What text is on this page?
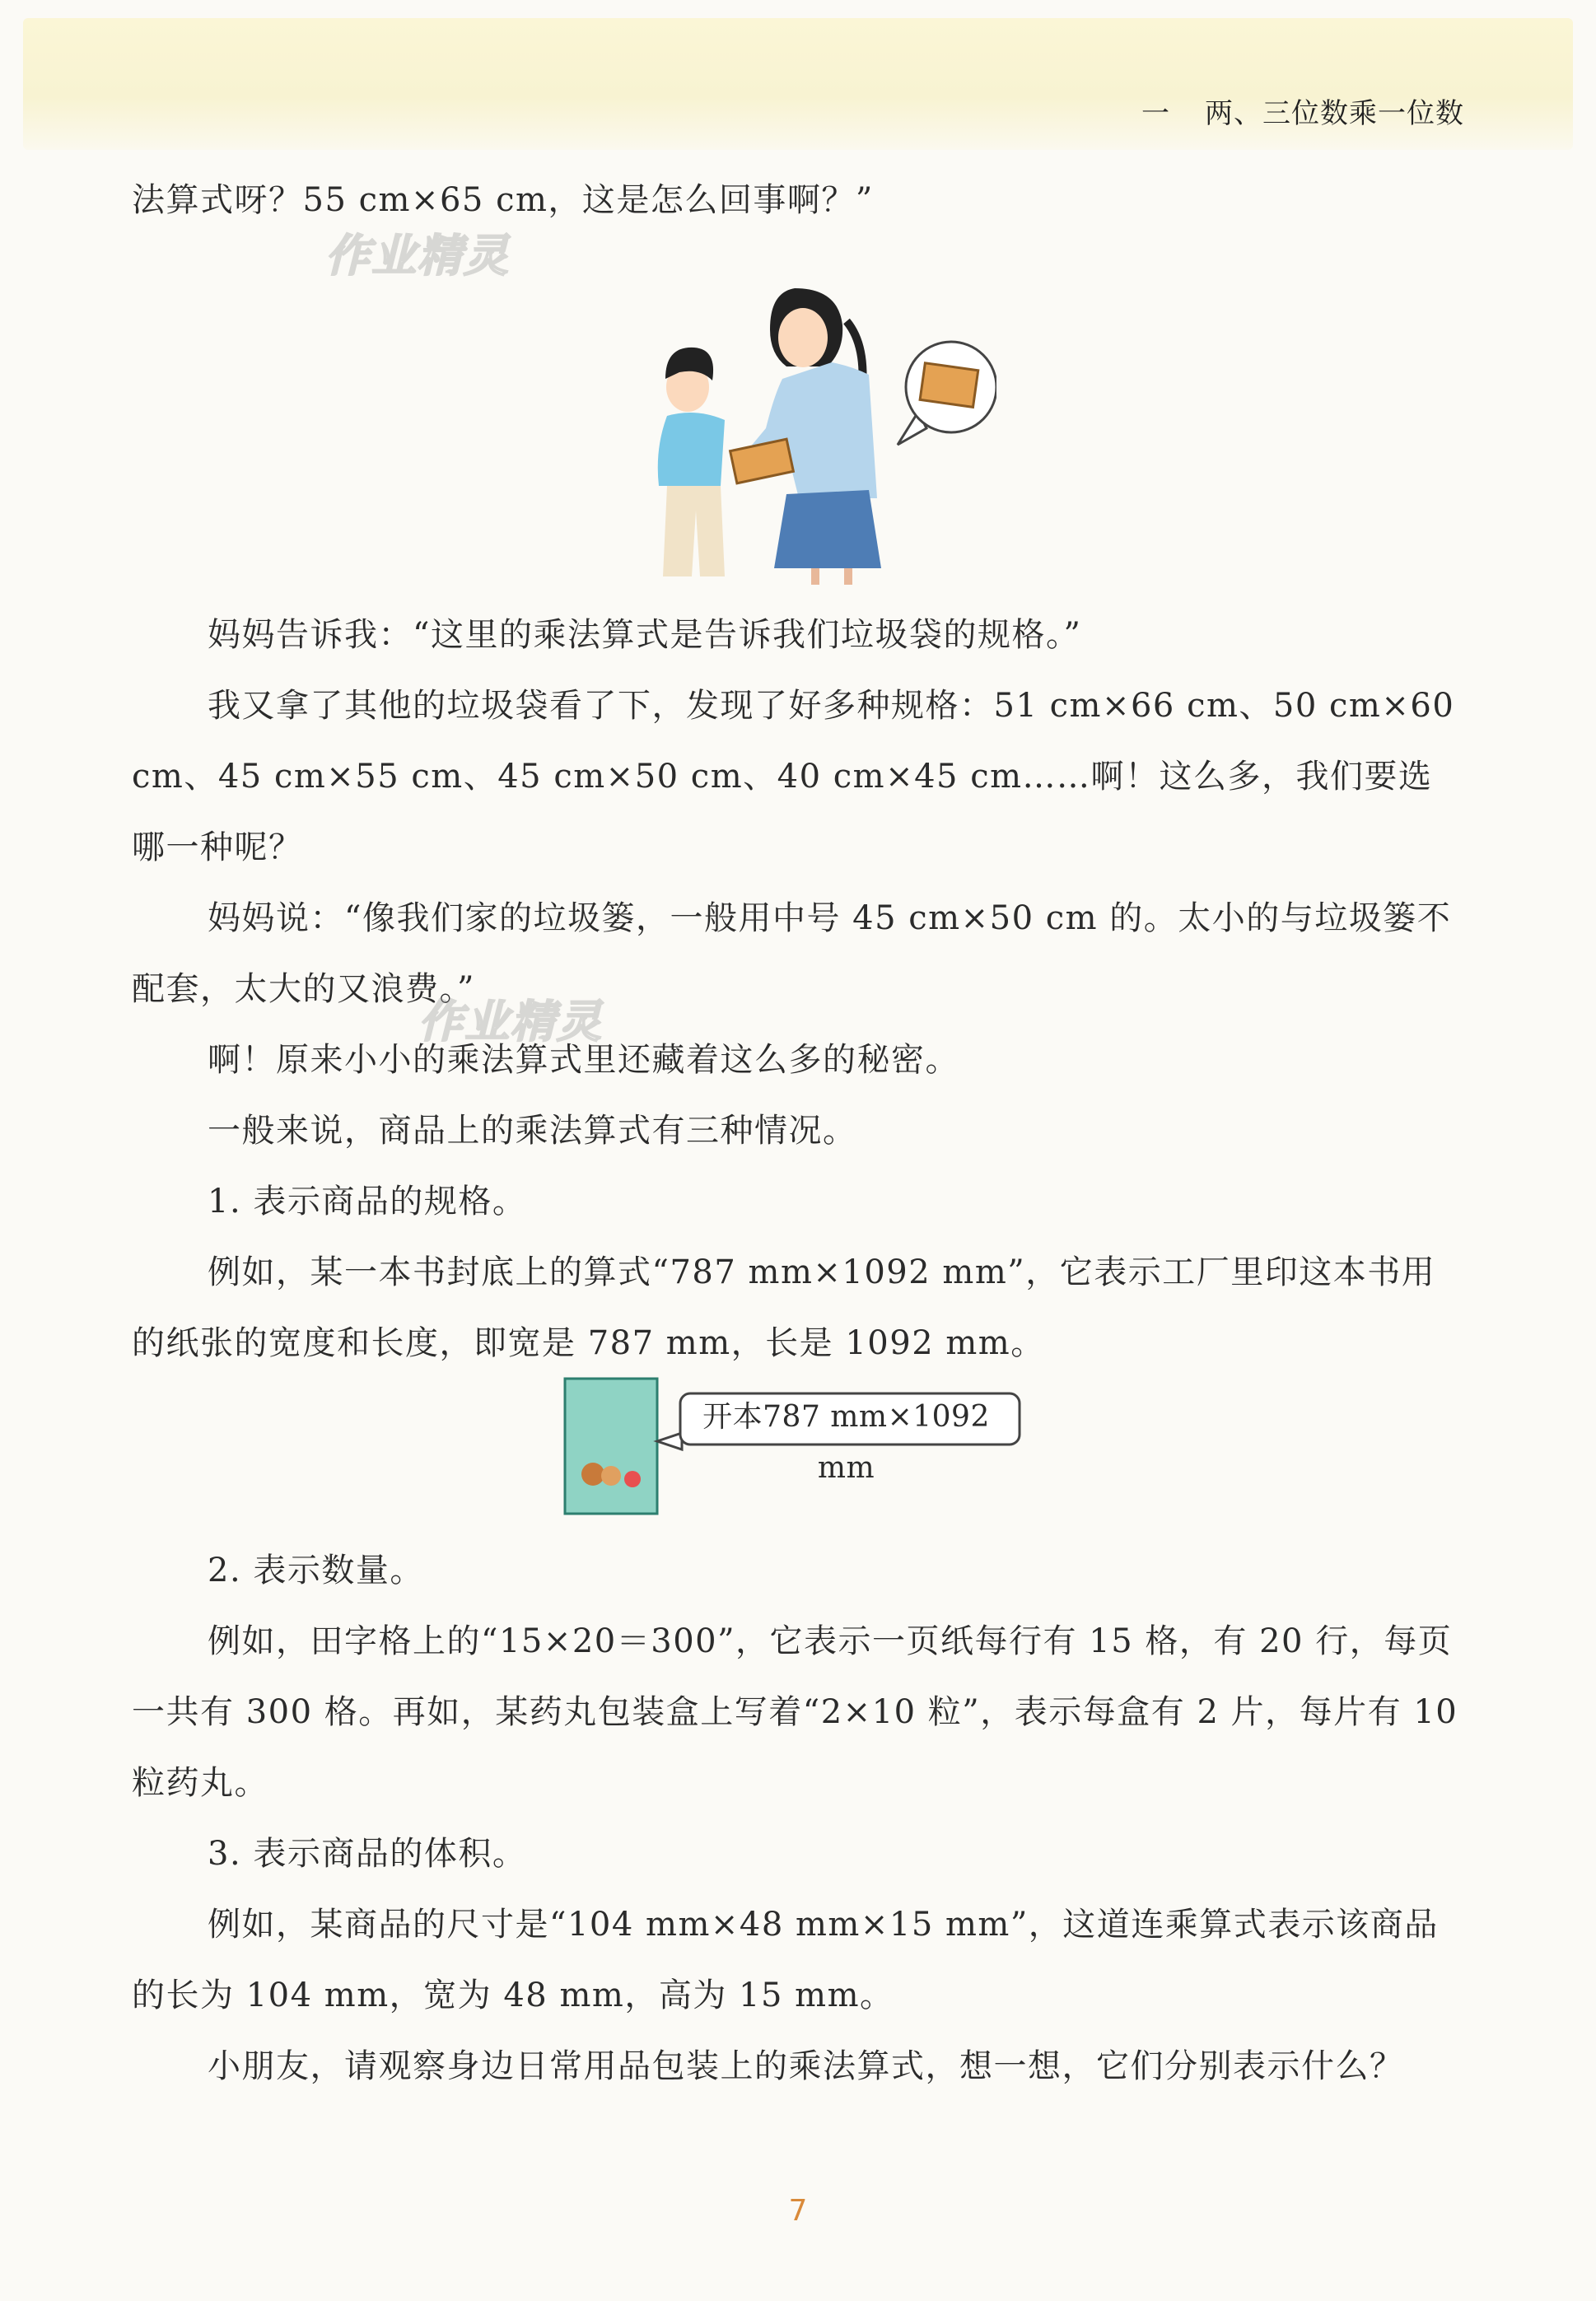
一 两、三位数乘一位数

法算式呀？55 cm×65 cm，这是怎么回事啊？”

作业精灵

妈妈告诉我：“这里的乘法算式是告诉我们垃圾袋的规格。”

我又拿了其他的垃圾袋看了下，发现了好多种规格：51 cm×66 cm、50 cm×60 cm、45 cm×55 cm、45 cm×50 cm、40 cm×45 cm……啊！这么多，我们要选哪一种呢？

妈妈说：“像我们家的垃圾篓，一般用中号 45 cm×50 cm 的。太小的与垃圾篓不配套，太大的又浪费。”

作业精灵

啊！原来小小的乘法算式里还藏着这么多的秘密。

一般来说，商品上的乘法算式有三种情况。

1. 表示商品的规格。

例如，某一本书封底上的算式“787 mm×1092 mm”，它表示工厂里印这本书用的纸张的宽度和长度，即宽是 787 mm，长是 1092 mm。

开本787 mm×1092 mm

2. 表示数量。

例如，田字格上的“15×20＝300”，它表示一页纸每行有 15 格，有 20 行，每页一共有 300 格。再如，某药丸包装盒上写着“2×10 粒”，表示每盒有 2 片，每片有 10 粒药丸。

3. 表示商品的体积。

例如，某商品的尺寸是“104 mm×48 mm×15 mm”，这道连乘算式表示该商品的长为 104 mm，宽为 48 mm，高为 15 mm。

小朋友，请观察身边日常用品包装上的乘法算式，想一想，它们分别表示什么？

7
